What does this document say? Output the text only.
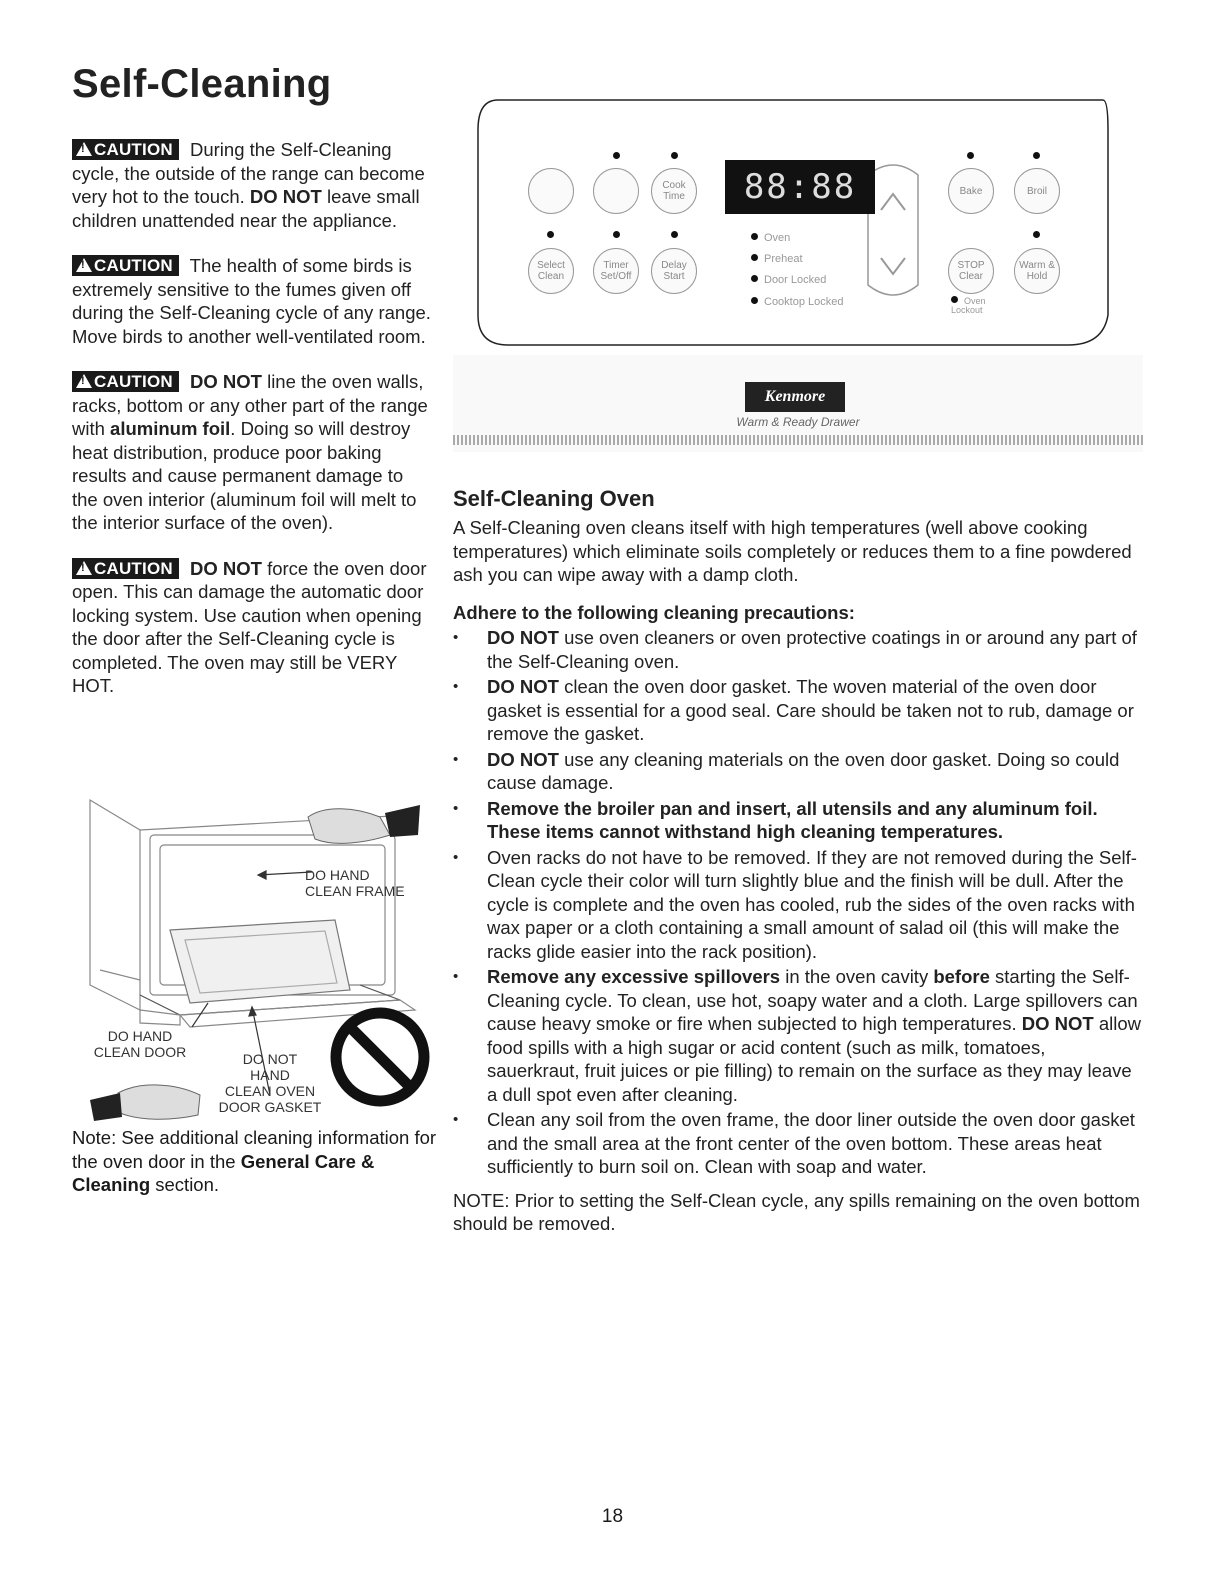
Self-Cleaning

!CAUTION During the Self-Cleaning cycle, the outside of the range can become very hot to the touch. DO NOT leave small children unattended near the appliance.

!CAUTION The health of some birds is extremely sensitive to the fumes given off during the Self-Cleaning cycle of any range. Move birds to another well-ventilated room.

!CAUTION DO NOT line the oven walls, racks, bottom or any other part of the range with aluminum foil. Doing so will destroy heat distribution, produce poor baking results and cause permanent damage to the oven interior (aluminum foil will melt to the interior surface of the oven).

!CAUTION DO NOT force the oven door open. This can damage the automatic door locking system. Use caution when opening the door after the Self-Cleaning cycle is completed. The oven may still be VERY HOT.

DO HAND
CLEAN FRAME
DO HAND
CLEAN DOOR	DO NOT
HAND
CLEAN OVEN
DOOR GASKET
Note: See additional cleaning information for the oven door in the General Care & Cleaning section.
Cook
Time	Bake	Broil
Select
Clean
Timer
Set/Off
Delay
Start
STOP
Clear
Warm &
Hold
88:88
Oven
Preheat
Door Locked
Cooktop Locked	Oven
Lockout
Kenmore
Warm & Ready Drawer
Self-Cleaning Oven

A Self-Cleaning oven cleans itself with high temperatures (well above cooking temperatures) which eliminate soils completely or reduces them to a fine powdered ash you can wipe away with a damp cloth.

Adhere to the following cleaning precautions:
• DO NOT use oven cleaners or oven protective coatings in or around any part of the Self-Cleaning oven.
• DO NOT clean the oven door gasket. The woven material of the oven door gasket is essential for a good seal. Care should be taken not to rub, damage or remove the gasket.
• DO NOT use any cleaning materials on the oven door gasket. Doing so could cause damage.
• Remove the broiler pan and insert, all utensils and any aluminum foil. These items cannot withstand high cleaning temperatures.
• Oven racks do not have to be removed. If they are not removed during the Self-Clean cycle their color will turn slightly blue and the finish will be dull. After the cycle is complete and the oven has cooled, rub the sides of the oven racks with wax paper or a cloth containing a small amount of salad oil (this will make the racks glide easier into the rack position).
• Remove any excessive spillovers in the oven cavity before starting the Self-Cleaning cycle. To clean, use hot, soapy water and a cloth. Large spillovers can cause heavy smoke or fire when subjected to high temperatures. DO NOT allow food spills with a high sugar or acid content (such as milk, tomatoes, sauerkraut, fruit juices or pie filling) to remain on the surface as they may leave a dull spot even after cleaning.
• Clean any soil from the oven frame, the door liner outside the oven door gasket and the small area at the front center of the oven bottom. These areas heat sufficiently to burn soil on. Clean with soap and water.

NOTE: Prior to setting the Self-Clean cycle, any spills remaining on the oven bottom should be removed.

18
